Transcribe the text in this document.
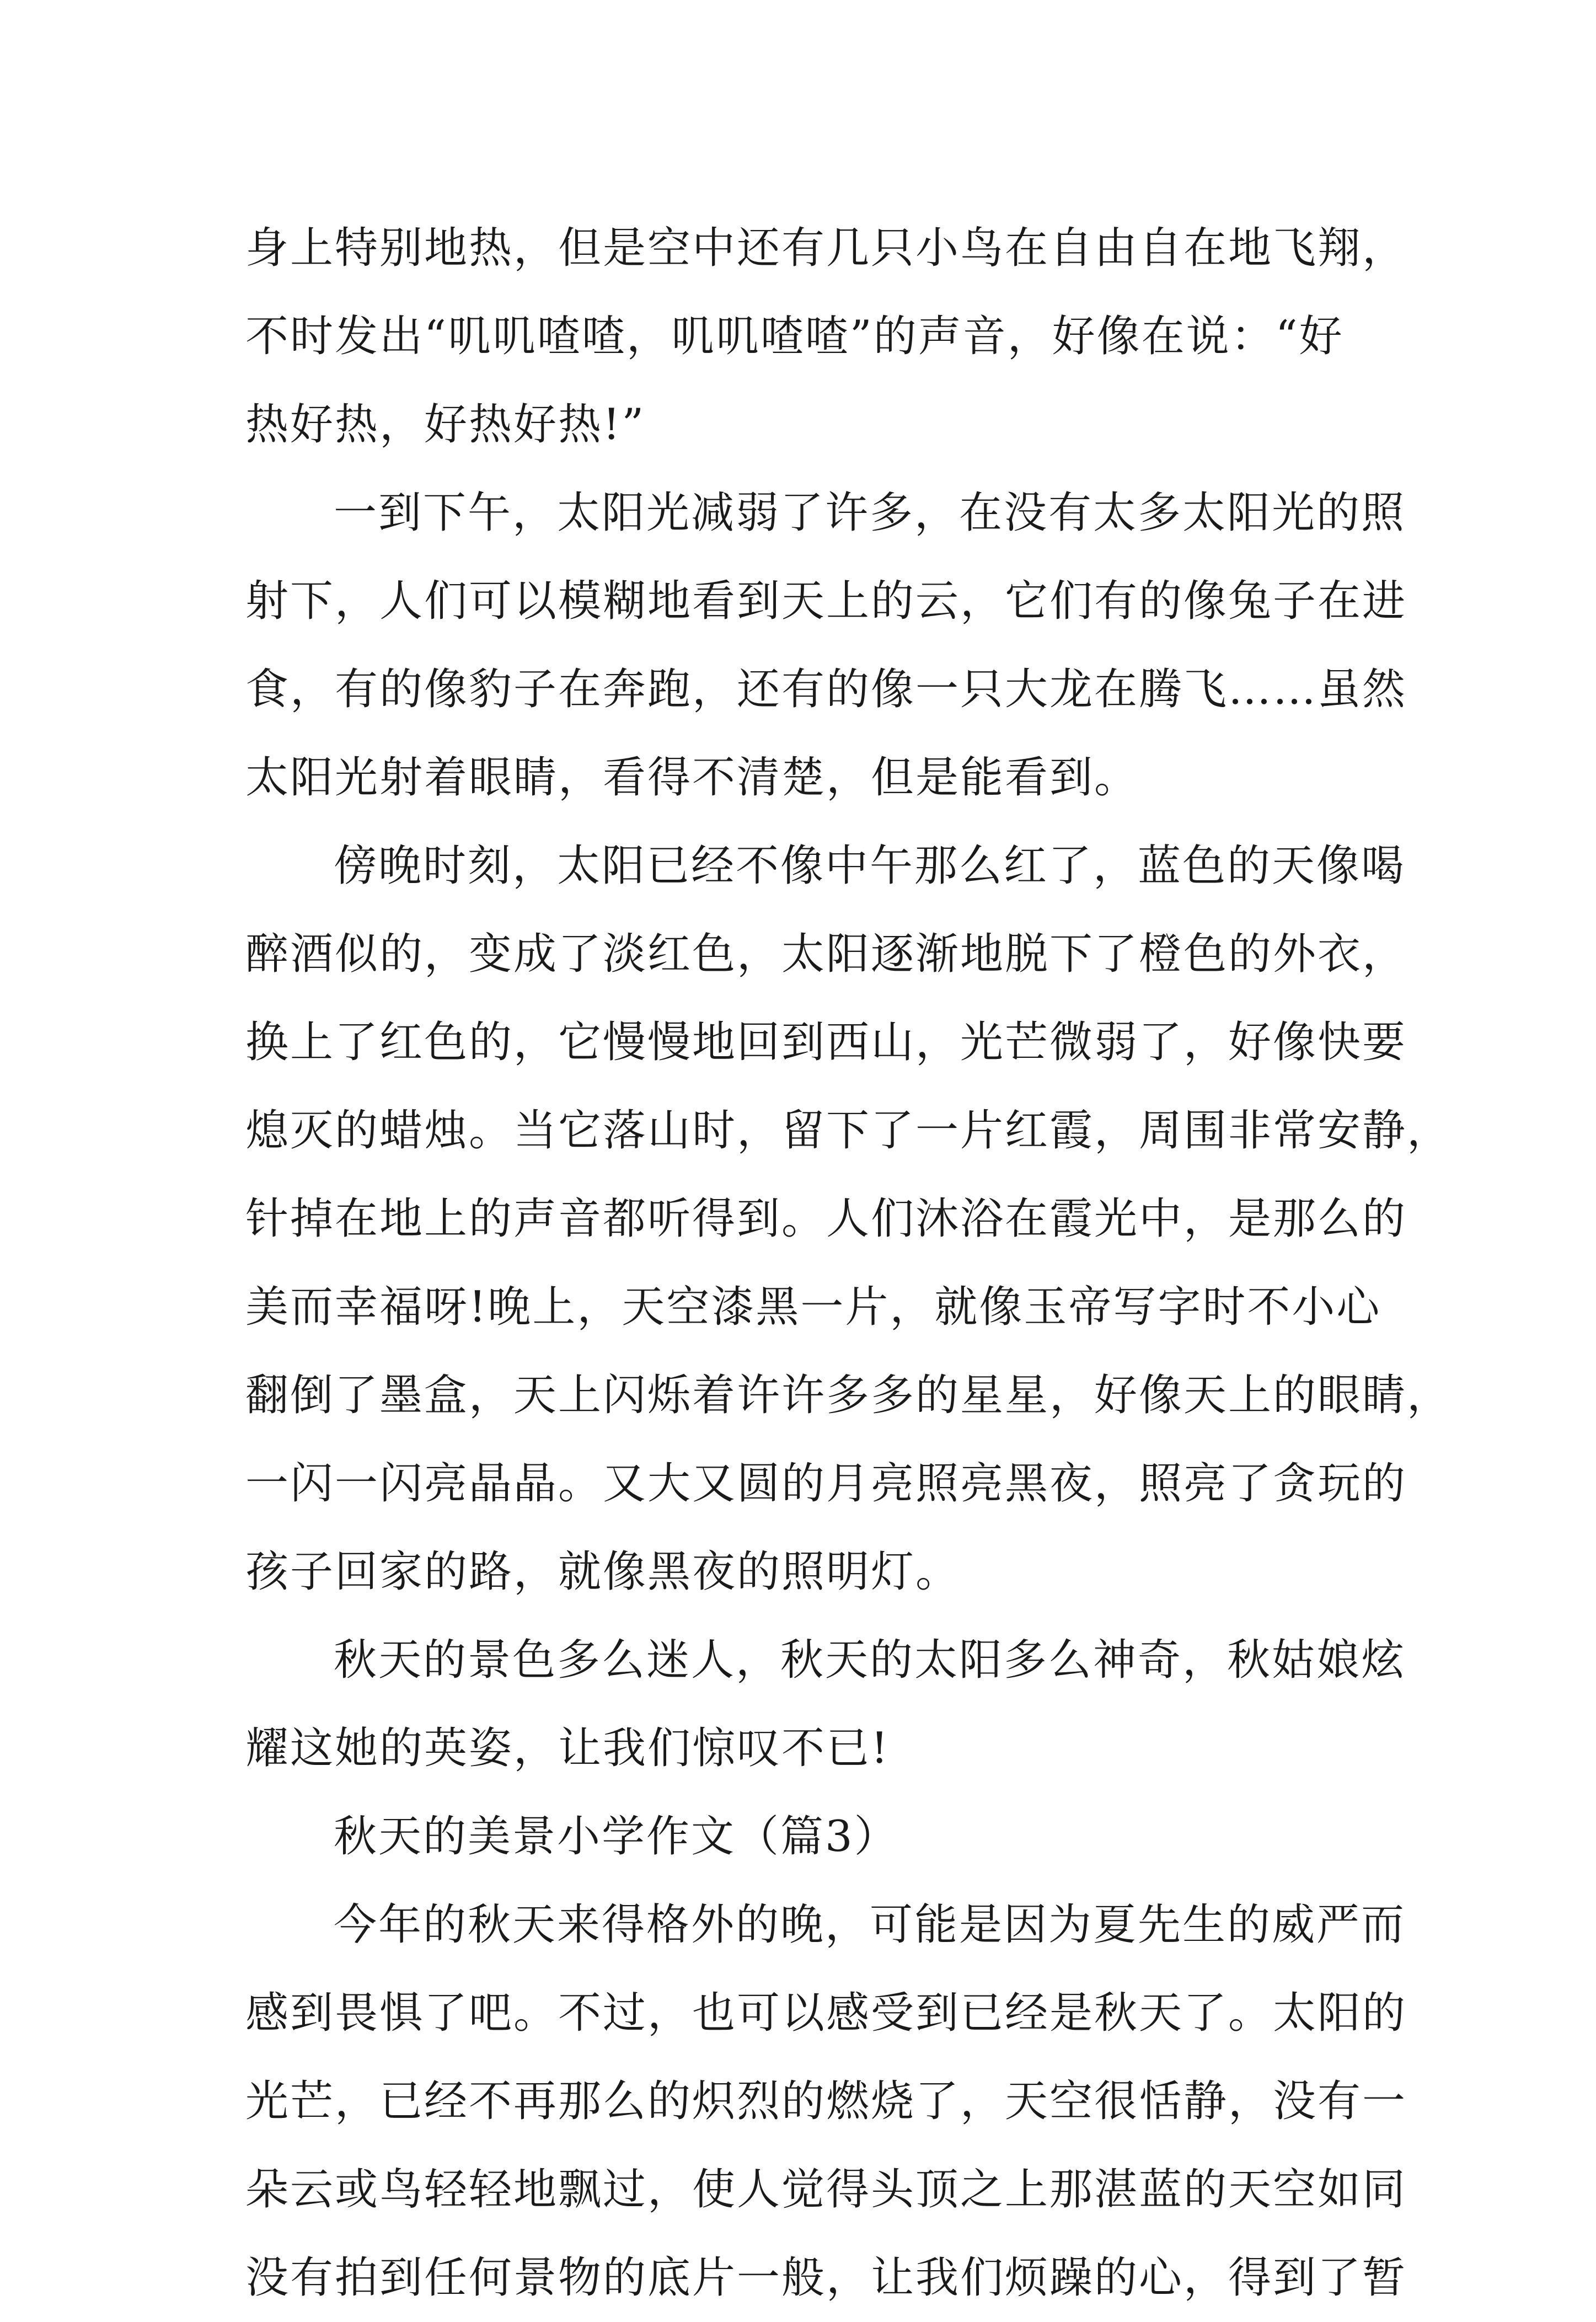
身上特别地热，但是空中还有几只小鸟在自由自在地飞翔，
不时发出“叽叽喳喳，叽叽喳喳”的声音，好像在说：“好
热好热，好热好热!”
一到下午，太阳光减弱了许多，在没有太多太阳光的照
射下，人们可以模糊地看到天上的云，它们有的像兔子在进
食，有的像豹子在奔跑，还有的像一只大龙在腾飞……虽然
太阳光射着眼睛，看得不清楚，但是能看到。
傍晚时刻，太阳已经不像中午那么红了，蓝色的天像喝
醉酒似的，变成了淡红色，太阳逐渐地脱下了橙色的外衣，
换上了红色的，它慢慢地回到西山，光芒微弱了，好像快要
熄灭的蜡烛。当它落山时，留下了一片红霞，周围非常安静，
针掉在地上的声音都听得到。人们沐浴在霞光中，是那么的
美而幸福呀!晚上，天空漆黑一片，就像玉帝写字时不小心
翻倒了墨盒，天上闪烁着许许多多的星星，好像天上的眼睛，
一闪一闪亮晶晶。又大又圆的月亮照亮黑夜，照亮了贪玩的
孩子回家的路，就像黑夜的照明灯。
秋天的景色多么迷人，秋天的太阳多么神奇，秋姑娘炫
耀这她的英姿，让我们惊叹不已!
秋天的美景小学作文（篇3）
今年的秋天来得格外的晚，可能是因为夏先生的威严而
感到畏惧了吧。不过，也可以感受到已经是秋天了。太阳的
光芒，已经不再那么的炽烈的燃烧了，天空很恬静，没有一
朵云或鸟轻轻地飘过，使人觉得头顶之上那湛蓝的天空如同
没有拍到任何景物的底片一般，让我们烦躁的心，得到了暂
